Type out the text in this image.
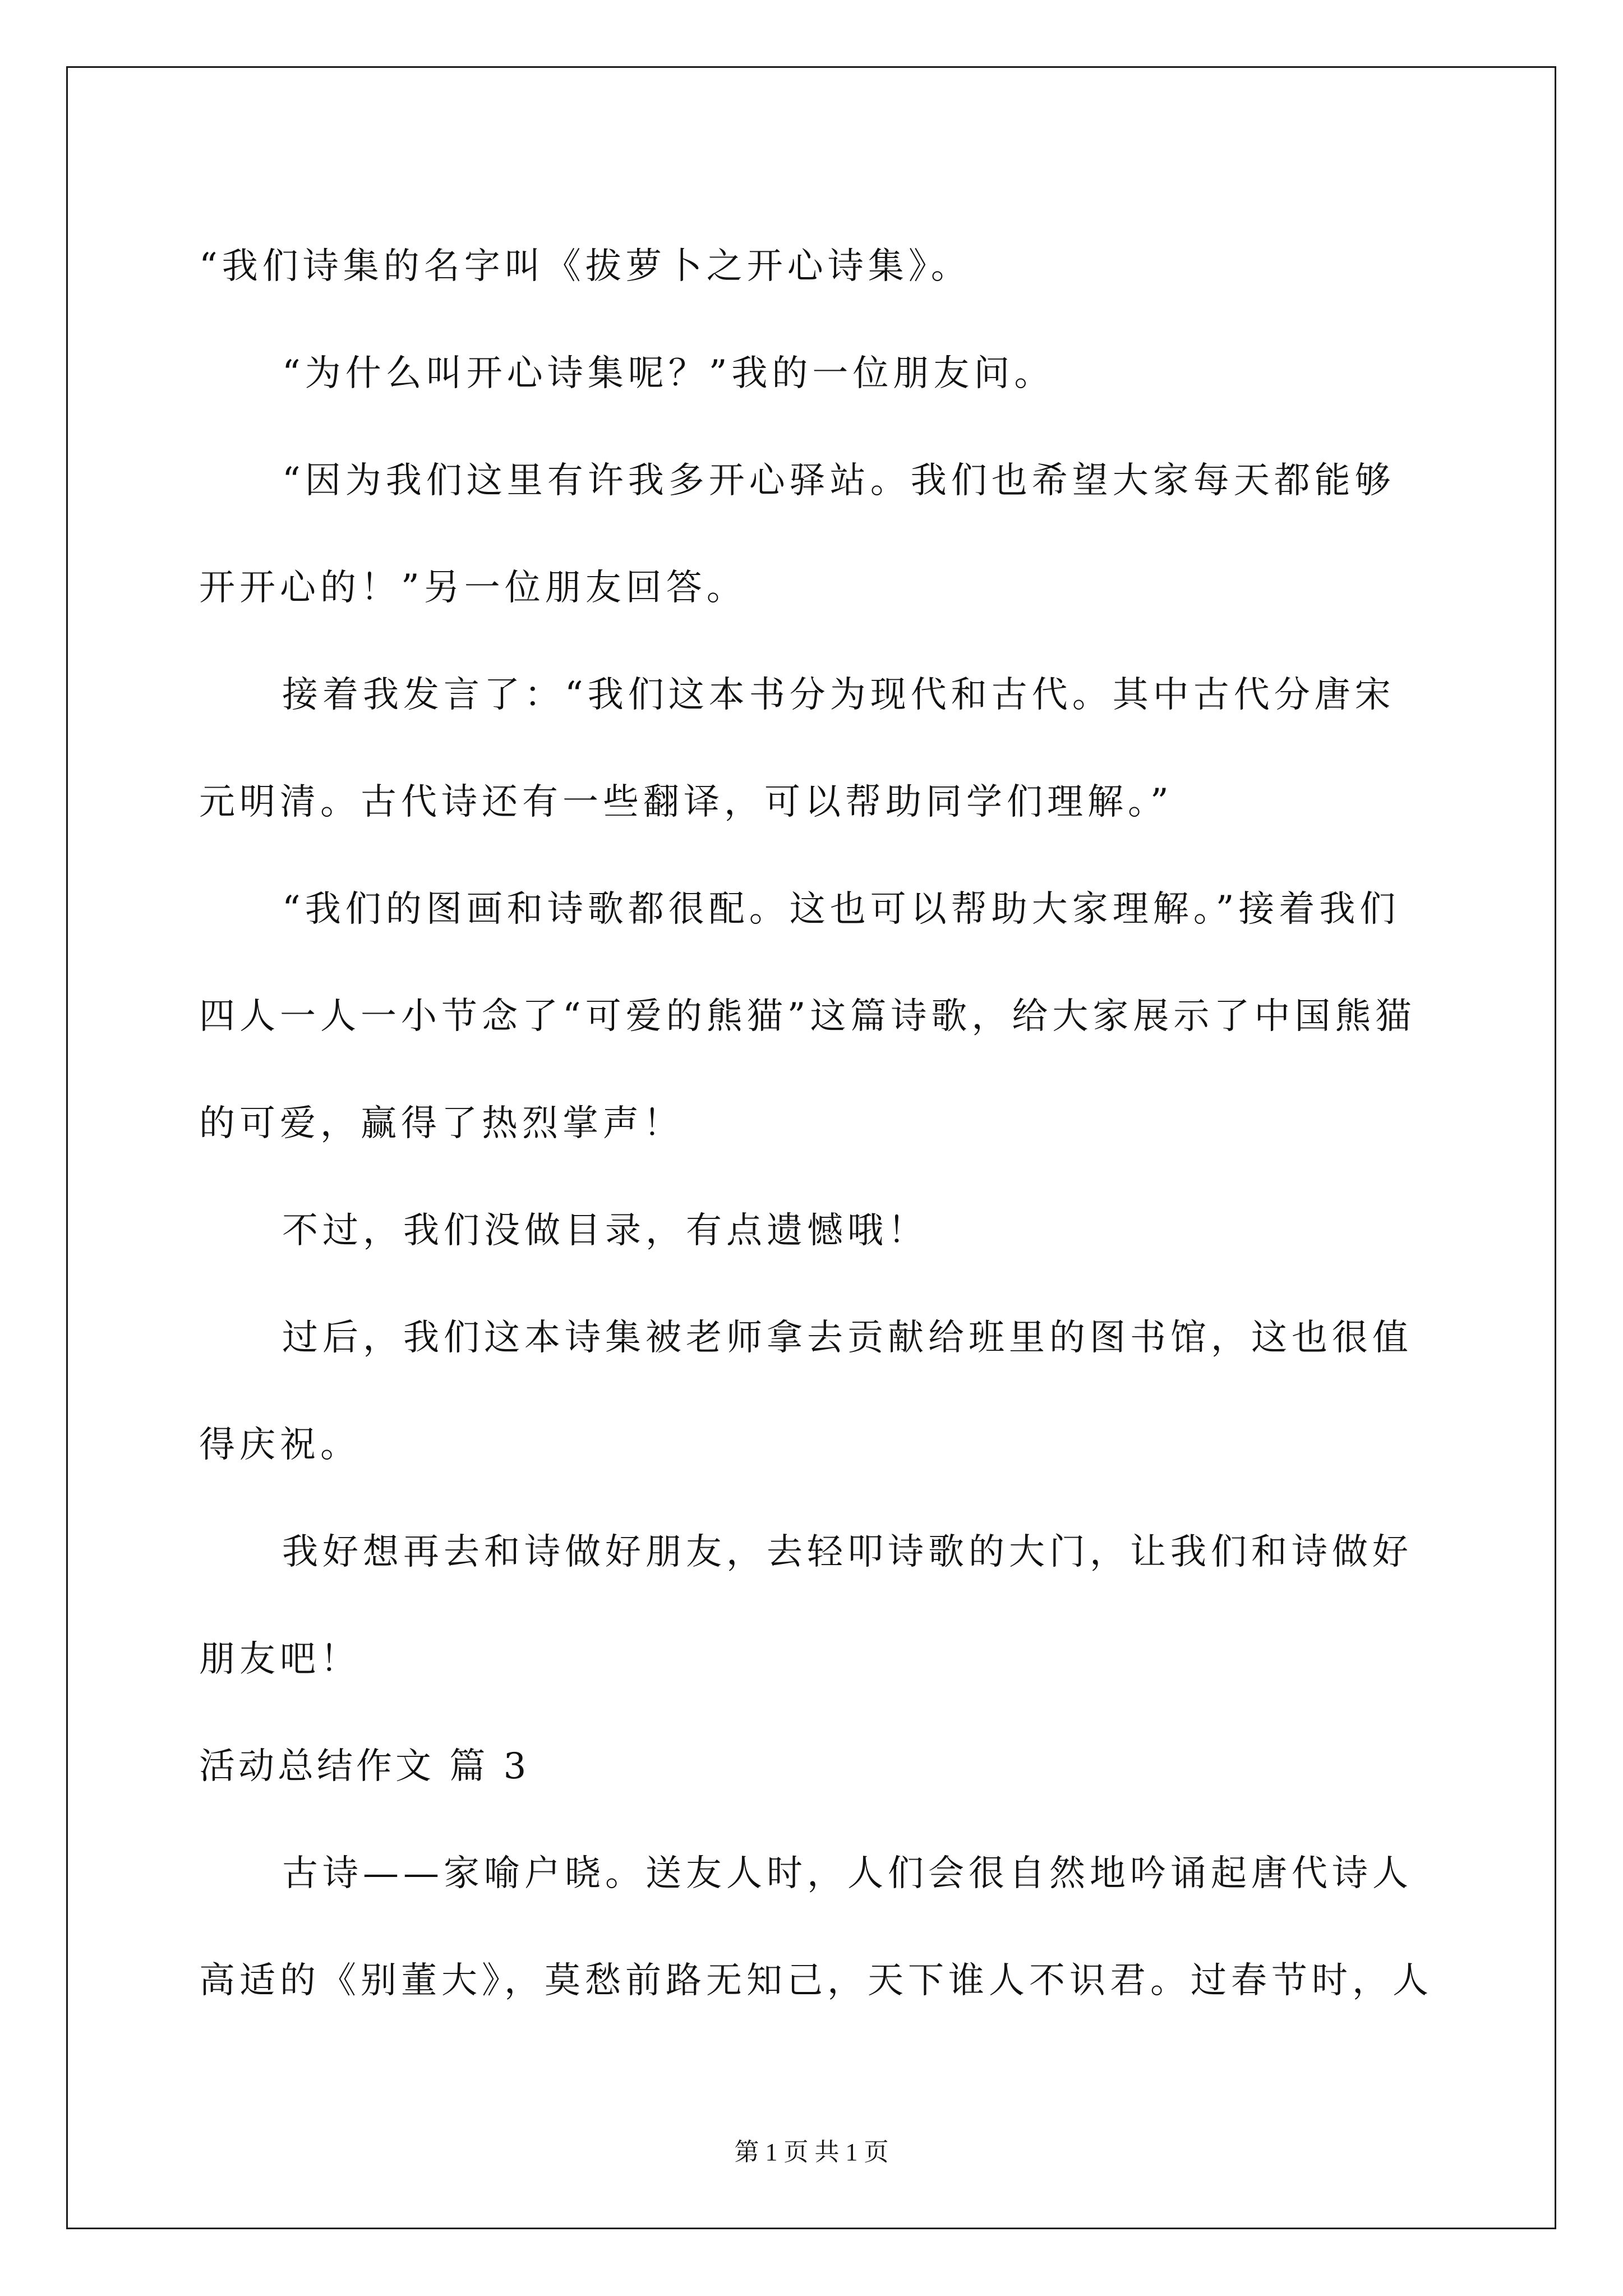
“我们诗集的名字叫《拔萝卜之开心诗集》。

“为什么叫开心诗集呢？”我的一位朋友问。

“因为我们这里有许我多开心驿站。我们也希望大家每天都能够开开心的！”另一位朋友回答。

接着我发言了：“我们这本书分为现代和古代。其中古代分唐宋元明清。古代诗还有一些翻译，可以帮助同学们理解。”

“我们的图画和诗歌都很配。这也可以帮助大家理解。”接着我们四人一人一小节念了“可爱的熊猫”这篇诗歌，给大家展示了中国熊猫的可爱，赢得了热烈掌声！

不过，我们没做目录，有点遗憾哦！

过后，我们这本诗集被老师拿去贡献给班里的图书馆，这也很值得庆祝。

我好想再去和诗做好朋友，去轻叩诗歌的大门，让我们和诗做好朋友吧！

活动总结作文 篇 3

古诗——家喻户晓。送友人时，人们会很自然地吟诵起唐代诗人高适的《别董大》，莫愁前路无知己，天下谁人不识君。过春节时，人

第 1 页 共 1 页
